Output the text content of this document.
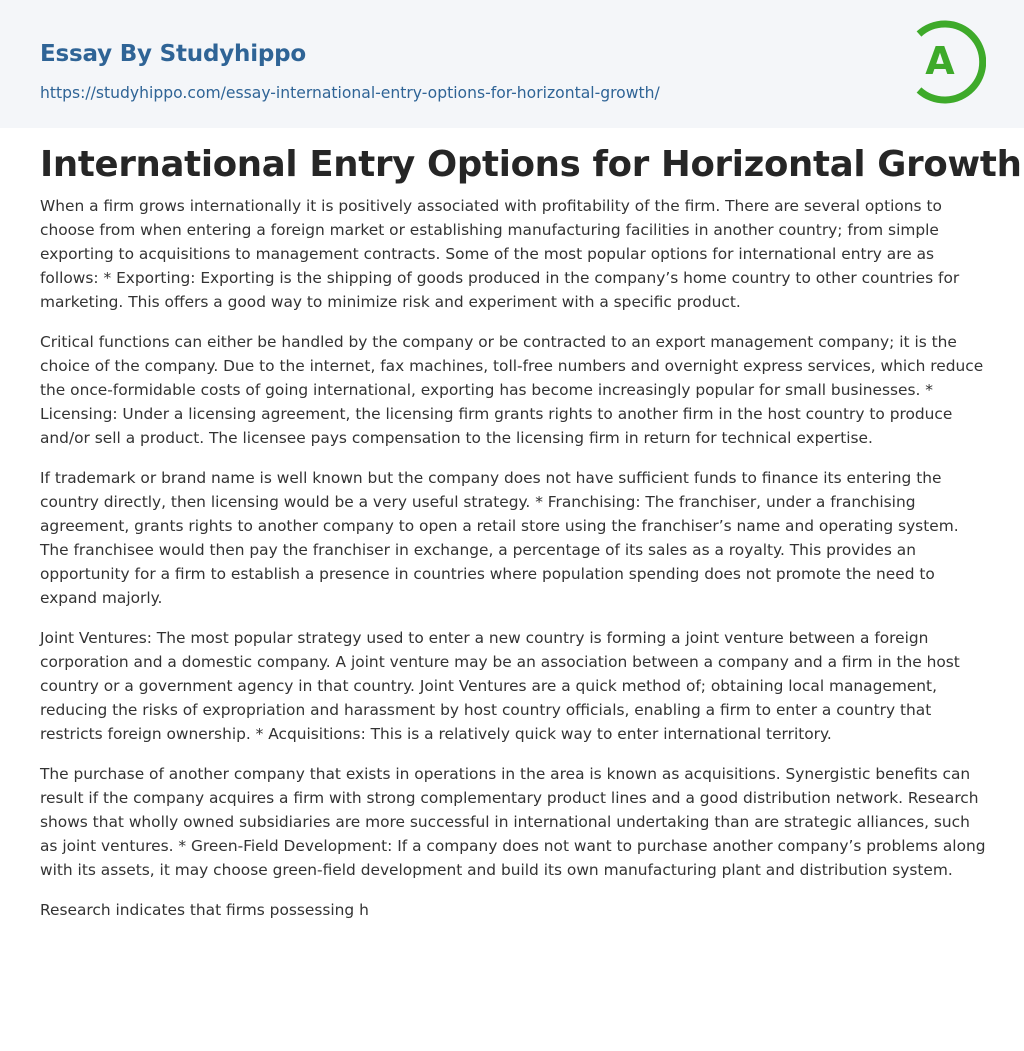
Essay By Studyhippo
https://studyhippo.com/essay-international-entry-options-for-horizontal-growth/
A
International Entry Options for Horizontal Growth

When a firm grows internationally it is positively associated with profitability of the firm. There are several options to choose from when entering a foreign market or establishing manufacturing facilities in another country; from simple exporting to acquisitions to management contracts. Some of the most popular options for international entry are as follows: * Exporting: Exporting is the shipping of goods produced in the company’s home country to other countries for marketing. This offers a good way to minimize risk and experiment with a specific product.

Critical functions can either be handled by the company or be contracted to an export management company; it is the choice of the company. Due to the internet, fax machines, toll-free numbers and overnight express services, which reduce the once-formidable costs of going international, exporting has become increasingly popular for small businesses. * Licensing: Under a licensing agreement, the licensing firm grants rights to another firm in the host country to produce and/or sell a product. The licensee pays compensation to the licensing firm in return for technical expertise.

If trademark or brand name is well known but the company does not have sufficient funds to finance its entering the country directly, then licensing would be a very useful strategy. * Franchising: The franchiser, under a franchising agreement, grants rights to another company to open a retail store using the franchiser’s name and operating system. The franchisee would then pay the franchiser in exchange, a percentage of its sales as a royalty. This provides an opportunity for a firm to establish a presence in countries where population spending does not promote the need to expand majorly.

Joint Ventures: The most popular strategy used to enter a new country is forming a joint venture between a foreign corporation and a domestic company. A joint venture may be an association between a company and a firm in the host country or a government agency in that country. Joint Ventures are a quick method of; obtaining local management, reducing the risks of expropriation and harassment by host country officials, enabling a firm to enter a country that restricts foreign ownership. * Acquisitions: This is a relatively quick way to enter international territory.

The purchase of another company that exists in operations in the area is known as acquisitions. Synergistic benefits can result if the company acquires a firm with strong complementary product lines and a good distribution network. Research shows that wholly owned subsidiaries are more successful in international undertaking than are strategic alliances, such as joint ventures. * Green-Field Development: If a company does not want to purchase another company’s problems along with its assets, it may choose green-field development and build its own manufacturing plant and distribution system.

Research indicates that firms possessing h
